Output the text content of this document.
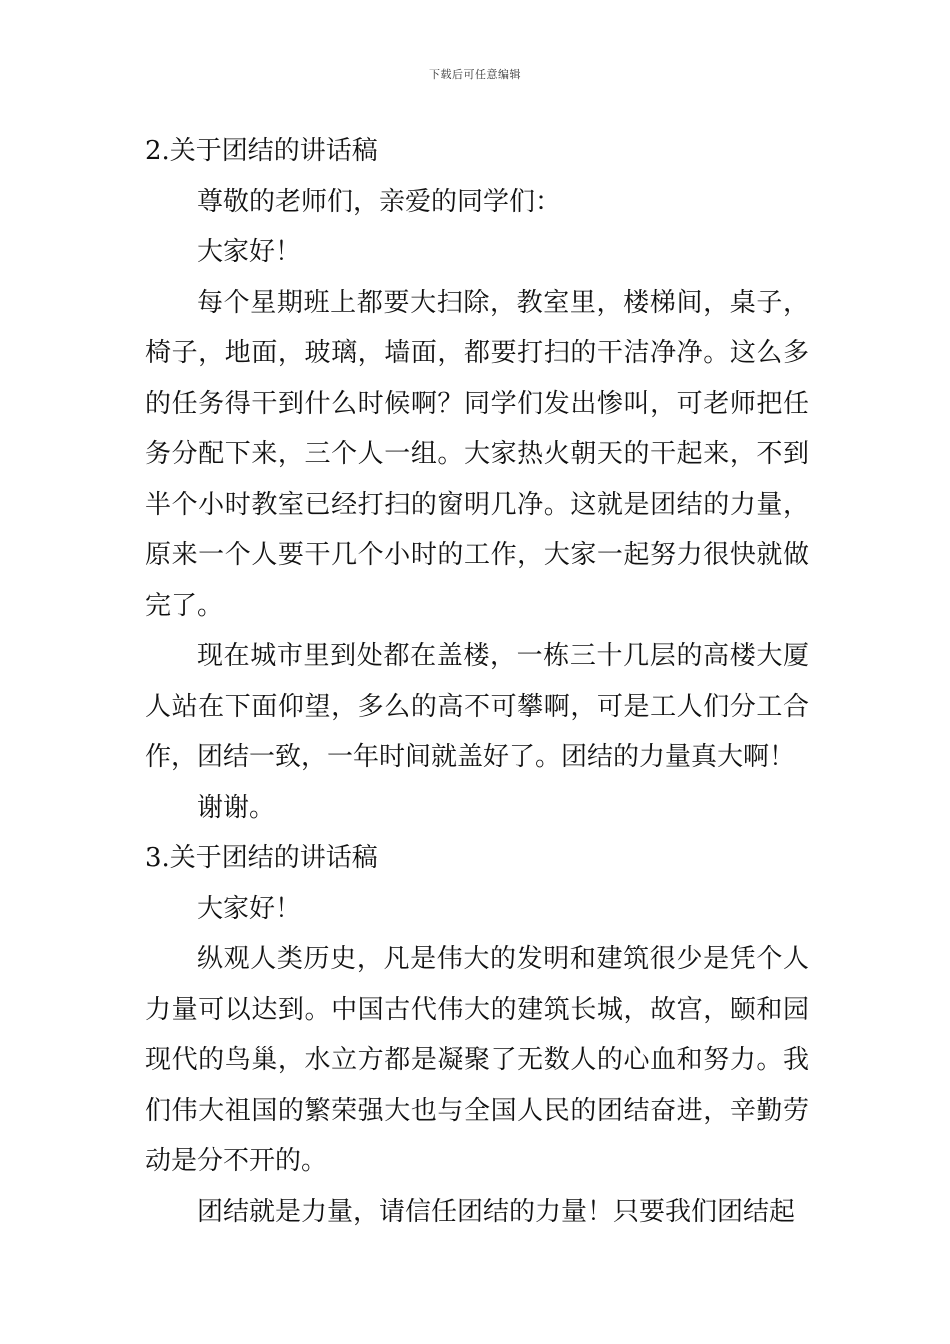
下载后可任意编辑

2.关于团结的讲话稿

尊敬的老师们，亲爱的同学们：

大家好！

每个星期班上都要大扫除，教室里，楼梯间，桌子，椅子，地面，玻璃，墙面，都要打扫的干洁净净。这么多的任务得干到什么时候啊？同学们发出惨叫，可老师把任务分配下来，三个人一组。大家热火朝天的干起来，不到半个小时教室已经打扫的窗明几净。这就是团结的力量，原来一个人要干几个小时的工作，大家一起努力很快就做完了。

现在城市里到处都在盖楼，一栋三十几层的高楼大厦人站在下面仰望，多么的高不可攀啊，可是工人们分工合作，团结一致，一年时间就盖好了。团结的力量真大啊！

谢谢。

3.关于团结的讲话稿

大家好！

纵观人类历史，凡是伟大的发明和建筑很少是凭个人力量可以达到。中国古代伟大的建筑长城，故宫，颐和园现代的鸟巢，水立方都是凝聚了无数人的心血和努力。我们伟大祖国的繁荣强大也与全国人民的团结奋进，辛勤劳动是分不开的。

团结就是力量，请信任团结的力量！只要我们团结起
